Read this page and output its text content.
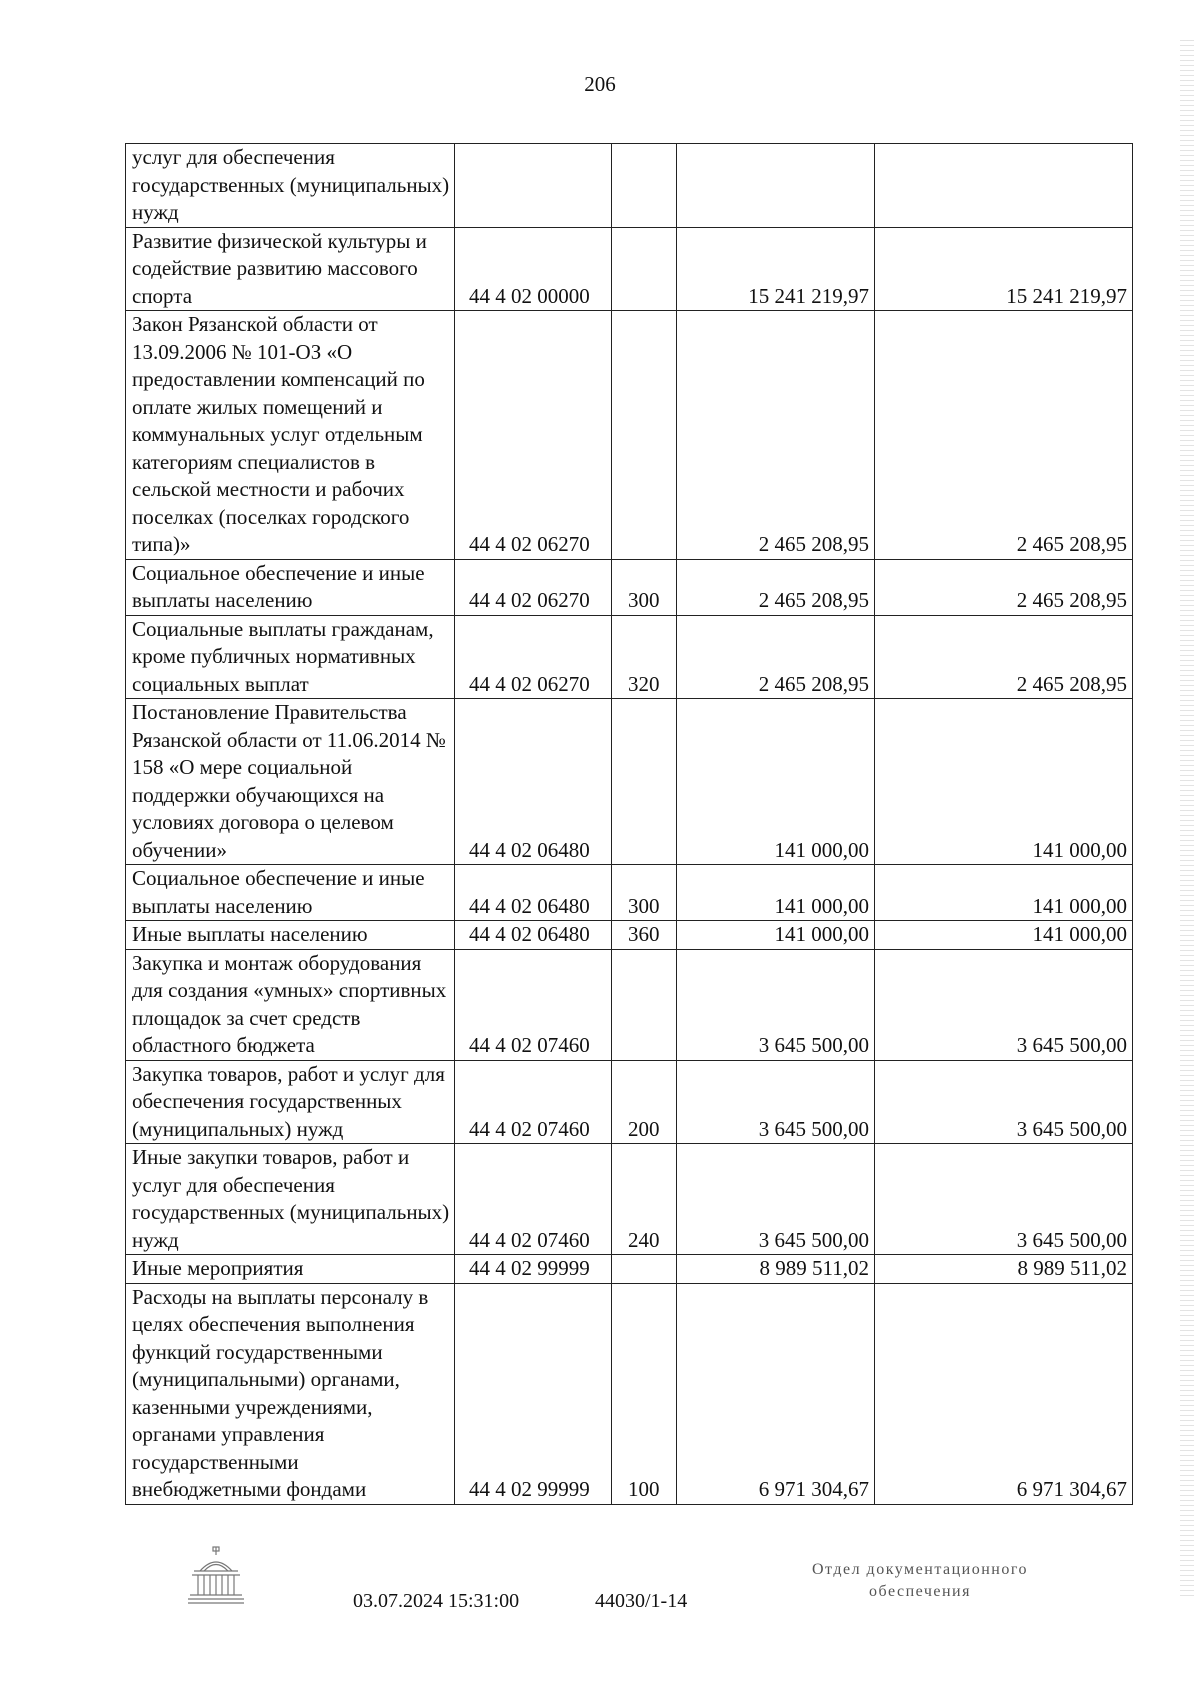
206
услуг для обеспечения государственных (муниципальных) нужд				
Развитие физической культуры и содействие развитию массового спорта	44 4 02 00000		15 241 219,97	15 241 219,97
Закон Рязанской области от 13.09.2006 № 101-ОЗ «О предоставлении компенсаций по оплате жилых помещений и коммунальных услуг отдельным категориям специалистов в сельской местности и рабочих поселках (поселках городского типа)»	44 4 02 06270		2 465 208,95	2 465 208,95
Социальное обеспечение и иные выплаты населению	44 4 02 06270	300	2 465 208,95	2 465 208,95
Социальные выплаты гражданам, кроме публичных нормативных социальных выплат	44 4 02 06270	320	2 465 208,95	2 465 208,95
Постановление Правительства Рязанской области от 11.06.2014 № 158 «О мере социальной поддержки обучающихся на условиях договора о целевом обучении»	44 4 02 06480		141 000,00	141 000,00
Социальное обеспечение и иные выплаты населению	44 4 02 06480	300	141 000,00	141 000,00
Иные выплаты населению	44 4 02 06480	360	141 000,00	141 000,00
Закупка и монтаж оборудования для создания «умных» спортивных площадок за счет средств областного бюджета	44 4 02 07460		3 645 500,00	3 645 500,00
Закупка товаров, работ и услуг для обеспечения государственных (муниципальных) нужд	44 4 02 07460	200	3 645 500,00	3 645 500,00
Иные закупки товаров, работ и услуг для обеспечения государственных (муниципальных) нужд	44 4 02 07460	240	3 645 500,00	3 645 500,00
Иные мероприятия	44 4 02 99999		8 989 511,02	8 989 511,02
Расходы на выплаты персоналу в целях обеспечения выполнения функций государственными (муниципальными) органами, казенными учреждениями, органами управления государственными внебюджетными фондами	44 4 02 99999	100	6 971 304,67	6 971 304,67
03.07.2024 15:31:00	44030/1-14
Отдел документационного
обеспечения
